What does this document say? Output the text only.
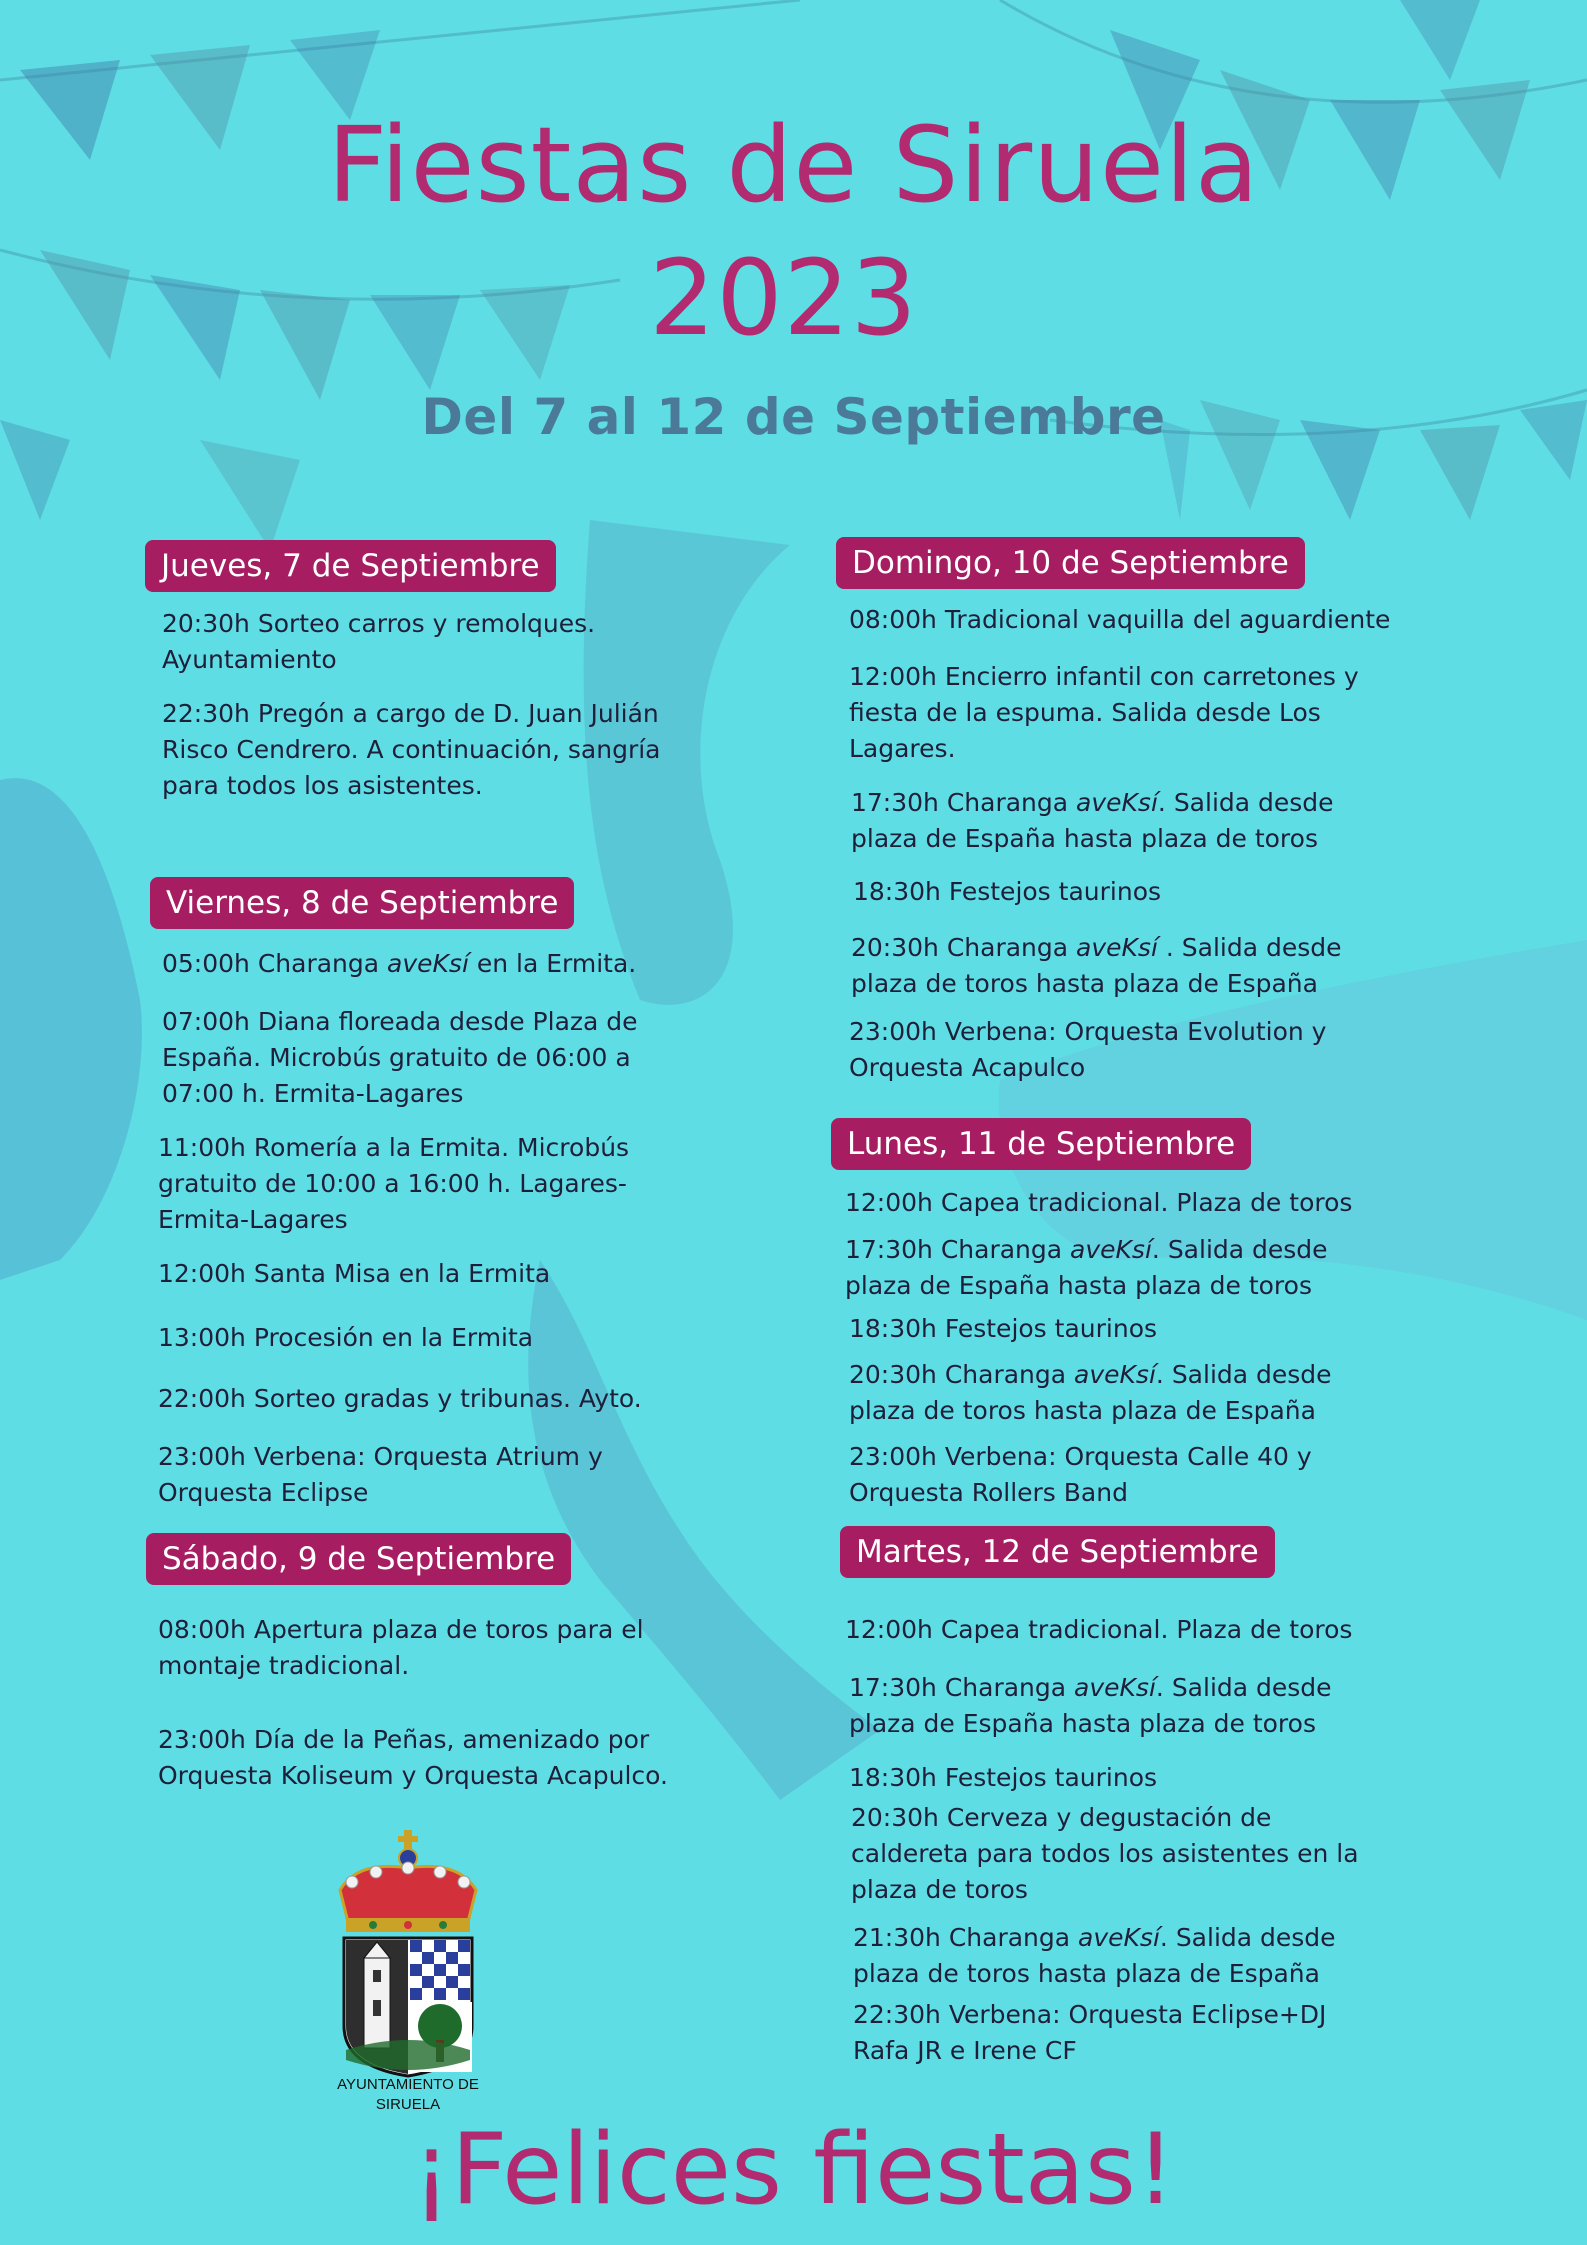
Fiestas de Siruela
2023
Del 7 al 12 de Septiembre
Jueves, 7 de Septiembre
20:30h Sorteo carros y remolques.
Ayuntamiento
22:30h Pregón a cargo de D. Juan Julián
Risco Cendrero. A continuación, sangría
para todos los asistentes.
Viernes, 8 de Septiembre
05:00h Charanga aveKsí en la Ermita.
07:00h Diana floreada desde Plaza de
España. Microbús gratuito de 06:00 a
07:00 h. Ermita-Lagares
11:00h Romería a la Ermita. Microbús
gratuito de 10:00 a 16:00 h. Lagares-
Ermita-Lagares
12:00h Santa Misa en la Ermita
13:00h Procesión en la Ermita
22:00h Sorteo gradas y tribunas. Ayto.
23:00h Verbena: Orquesta Atrium y
Orquesta Eclipse
Sábado, 9 de Septiembre
08:00h Apertura plaza de toros para el
montaje tradicional.
23:00h Día de la Peñas, amenizado por
Orquesta Koliseum y Orquesta Acapulco.
Domingo, 10 de Septiembre
08:00h Tradicional vaquilla del aguardiente
12:00h Encierro infantil con carretones y
fiesta de la espuma. Salida desde Los
Lagares.
17:30h Charanga aveKsí. Salida desde
plaza de España hasta plaza de toros
18:30h Festejos taurinos
20:30h Charanga aveKsí . Salida desde
plaza de toros hasta plaza de España
23:00h Verbena: Orquesta Evolution y
Orquesta Acapulco
Lunes, 11 de Septiembre
12:00h Capea tradicional. Plaza de toros
17:30h Charanga aveKsí. Salida desde
plaza de España hasta plaza de toros
18:30h Festejos taurinos
20:30h Charanga aveKsí. Salida desde
plaza de toros hasta plaza de España
23:00h Verbena: Orquesta Calle 40 y
Orquesta Rollers Band
Martes, 12 de Septiembre
12:00h Capea tradicional. Plaza de toros
17:30h Charanga aveKsí. Salida desde
plaza de España hasta plaza de toros
18:30h Festejos taurinos
20:30h Cerveza y degustación de
caldereta para todos los asistentes en la
plaza de toros
21:30h Charanga aveKsí. Salida desde
plaza de toros hasta plaza de España
22:30h Verbena: Orquesta Eclipse+DJ
Rafa JR e Irene CF
AYUNTAMIENTO DE
SIRUELA
¡Felices fiestas!
